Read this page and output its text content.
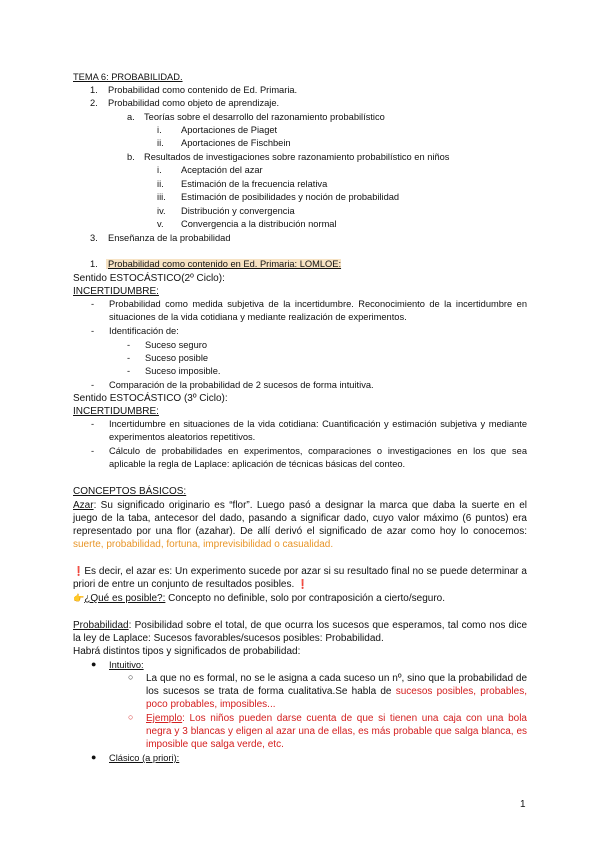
TEMA 6: PROBABILIDAD.
1. Probabilidad como contenido de Ed. Primaria.
2. Probabilidad como objeto de aprendizaje.
a. Teorías sobre el desarrollo del razonamiento probabilístico
i. Aportaciones de Piaget
ii. Aportaciones de Fischbein
b. Resultados de investigaciones sobre razonamiento probabilístico en niños
i. Aceptación del azar
ii. Estimación de la frecuencia relativa
iii. Estimación de posibilidades y noción de probabilidad
iv. Distribución y convergencia
v. Convergencia a la distribución normal
3. Enseñanza de la probabilidad
1. Probabilidad como contenido en Ed. Primaria: LOMLOE:
Sentido ESTOCÁSTICO(2º Ciclo):
INCERTIDUMBRE:
- Probabilidad como medida subjetiva de la incertidumbre. Reconocimiento de la incertidumbre en situaciones de la vida cotidiana y mediante realización de experimentos.
- Identificación de:
- Suceso seguro
- Suceso posible
- Suceso imposible.
- Comparación de la probabilidad de 2 sucesos de forma intuitiva.
Sentido ESTOCÁSTICO (3º Ciclo):
INCERTIDUMBRE:
- Incertidumbre en situaciones de la vida cotidiana: Cuantificación y estimación subjetiva y mediante experimentos aleatorios repetitivos.
- Cálculo de probabilidades en experimentos, comparaciones o investigaciones en los que sea aplicable la regla de Laplace: aplicación de técnicas básicas del conteo.
CONCEPTOS BÁSICOS:
Azar: Su significado originario es “flor”. Luego pasó a designar la marca que daba la suerte en el juego de la taba, antecesor del dado, pasando a significar dado, cuyo valor máximo (6 puntos) era representado por una flor (azahar). De allí derivó el significado de azar como hoy lo conocemos: suerte, probabilidad, fortuna, imprevisibilidad o casualidad.
❗Es decir, el azar es: Un experimento sucede por azar si su resultado final no se puede determinar a priori de entre un conjunto de resultados posibles. ❗
👉¿Qué es posible?: Concepto no definible, solo por contraposición a cierto/seguro.
Probabilidad: Posibilidad sobre el total, de que ocurra los sucesos que esperamos, tal como nos dice la ley de Laplace: Sucesos favorables/sucesos posibles: Probabilidad.
Habrá distintos tipos y significados de probabilidad:
● Intuitivo:
○ La que no es formal, no se le asigna a cada suceso un nº, sino que la probabilidad de los sucesos se trata de forma cualitativa.Se habla de sucesos posibles, probables, poco probables, imposibles...
○ Ejemplo: Los niños pueden darse cuenta de que si tienen una caja con una bola negra y 3 blancas y eligen al azar una de ellas, es más probable que salga blanca, es imposible que salga verde, etc.
● Clásico (a priori):
1
